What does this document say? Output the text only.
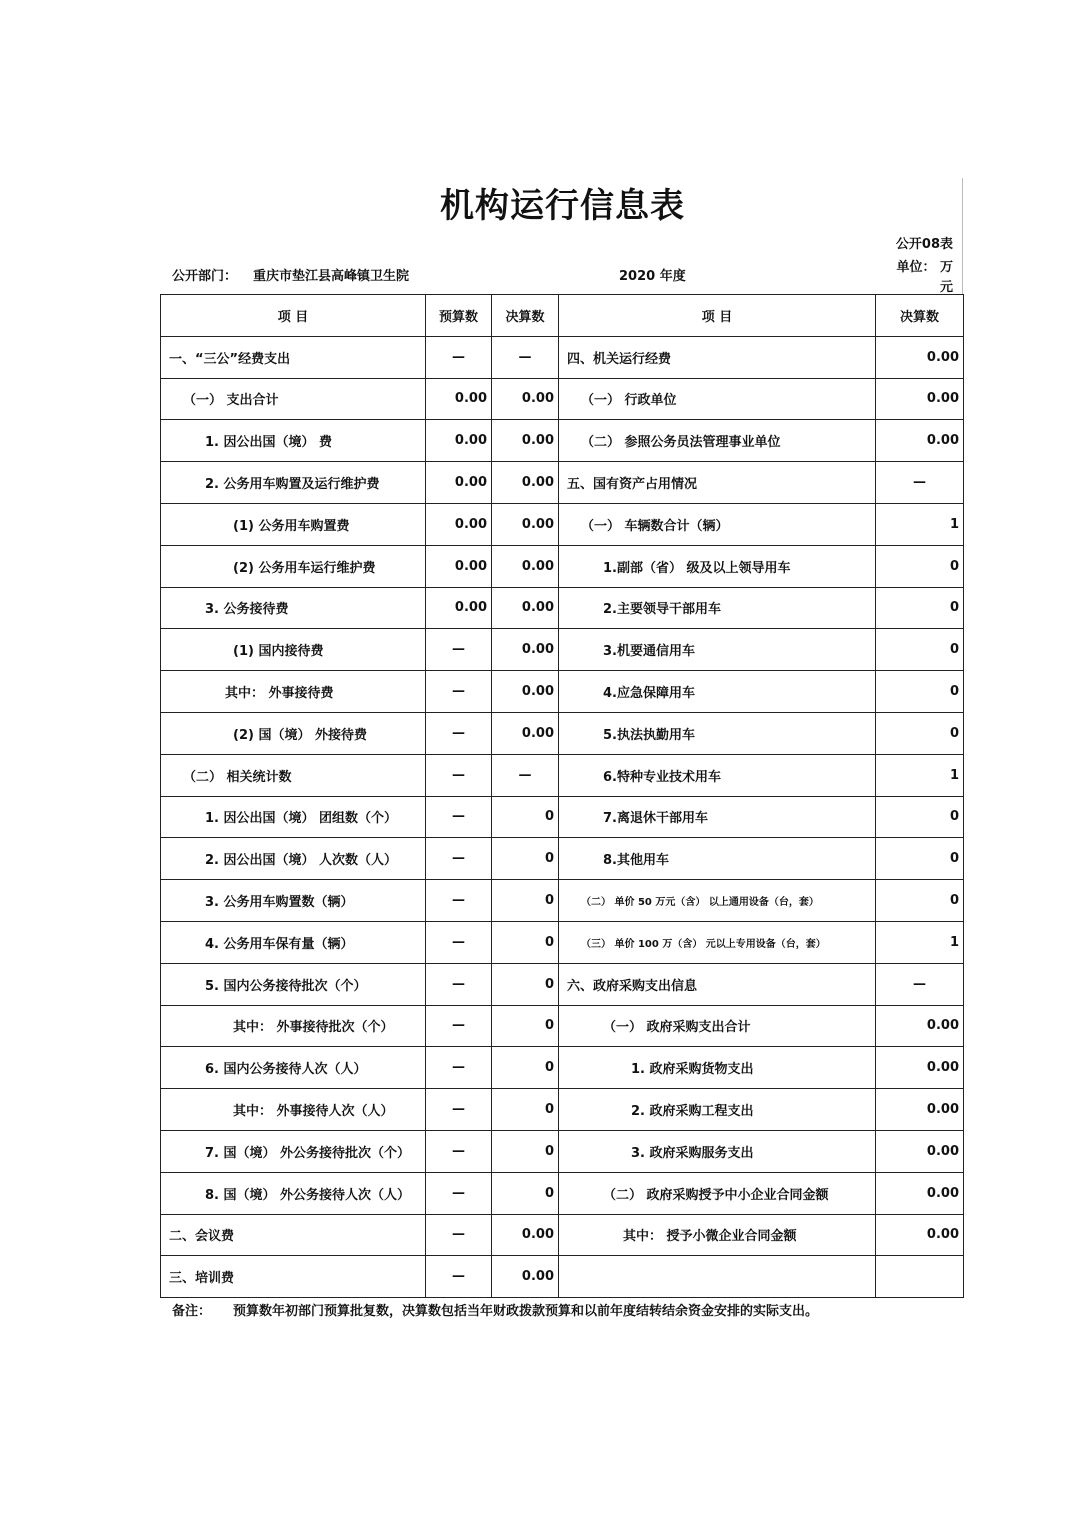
机构运行信息表
公开08表
公开部门： 重庆市垫江县高峰镇卫生院	2020 年度
单位： 万
元
项 目	预算数	决算数	项 目	决算数
一、“三公”经费支出	—	—	四、机关运行经费	0.00
（一） 支出合计	0.00	0.00	（一） 行政单位	0.00
1. 因公出国（境） 费	0.00	0.00	（二） 参照公务员法管理事业单位	0.00
2. 公务用车购置及运行维护费	0.00	0.00	五、国有资产占用情况	—
(1) 公务用车购置费	0.00	0.00	（一） 车辆数合计（辆）	1
(2) 公务用车运行维护费	0.00	0.00	1.副部（省） 级及以上领导用车	0
3. 公务接待费	0.00	0.00	2.主要领导干部用车	0
(1) 国内接待费	—	0.00	3.机要通信用车	0
其中： 外事接待费	—	0.00	4.应急保障用车	0
(2) 国（境） 外接待费	—	0.00	5.执法执勤用车	0
（二） 相关统计数	—	—	6.特种专业技术用车	1
1. 因公出国（境） 团组数（个）	—	0	7.离退休干部用车	0
2. 因公出国（境） 人次数（人）	—	0	8.其他用车	0
3. 公务用车购置数（辆）	—	0	（二） 单价 50 万元（含） 以上通用设备（台，套）	0
4. 公务用车保有量（辆）	—	0	（三） 单价 100 万（含） 元以上专用设备（台，套）	1
5. 国内公务接待批次（个）	—	0	六、政府采购支出信息	—
其中： 外事接待批次（个）	—	0	（一） 政府采购支出合计	0.00
6. 国内公务接待人次（人）	—	0	1. 政府采购货物支出	0.00
其中： 外事接待人次（人）	—	0	2. 政府采购工程支出	0.00
7. 国（境） 外公务接待批次（个）	—	0	3. 政府采购服务支出	0.00
8. 国（境） 外公务接待人次（人）	—	0	（二） 政府采购授予中小企业合同金额	0.00
二、会议费	—	0.00	其中： 授予小微企业合同金额	0.00
三、培训费	—	0.00		
备注： 预算数年初部门预算批复数，决算数包括当年财政拨款预算和以前年度结转结余资金安排的实际支出。
